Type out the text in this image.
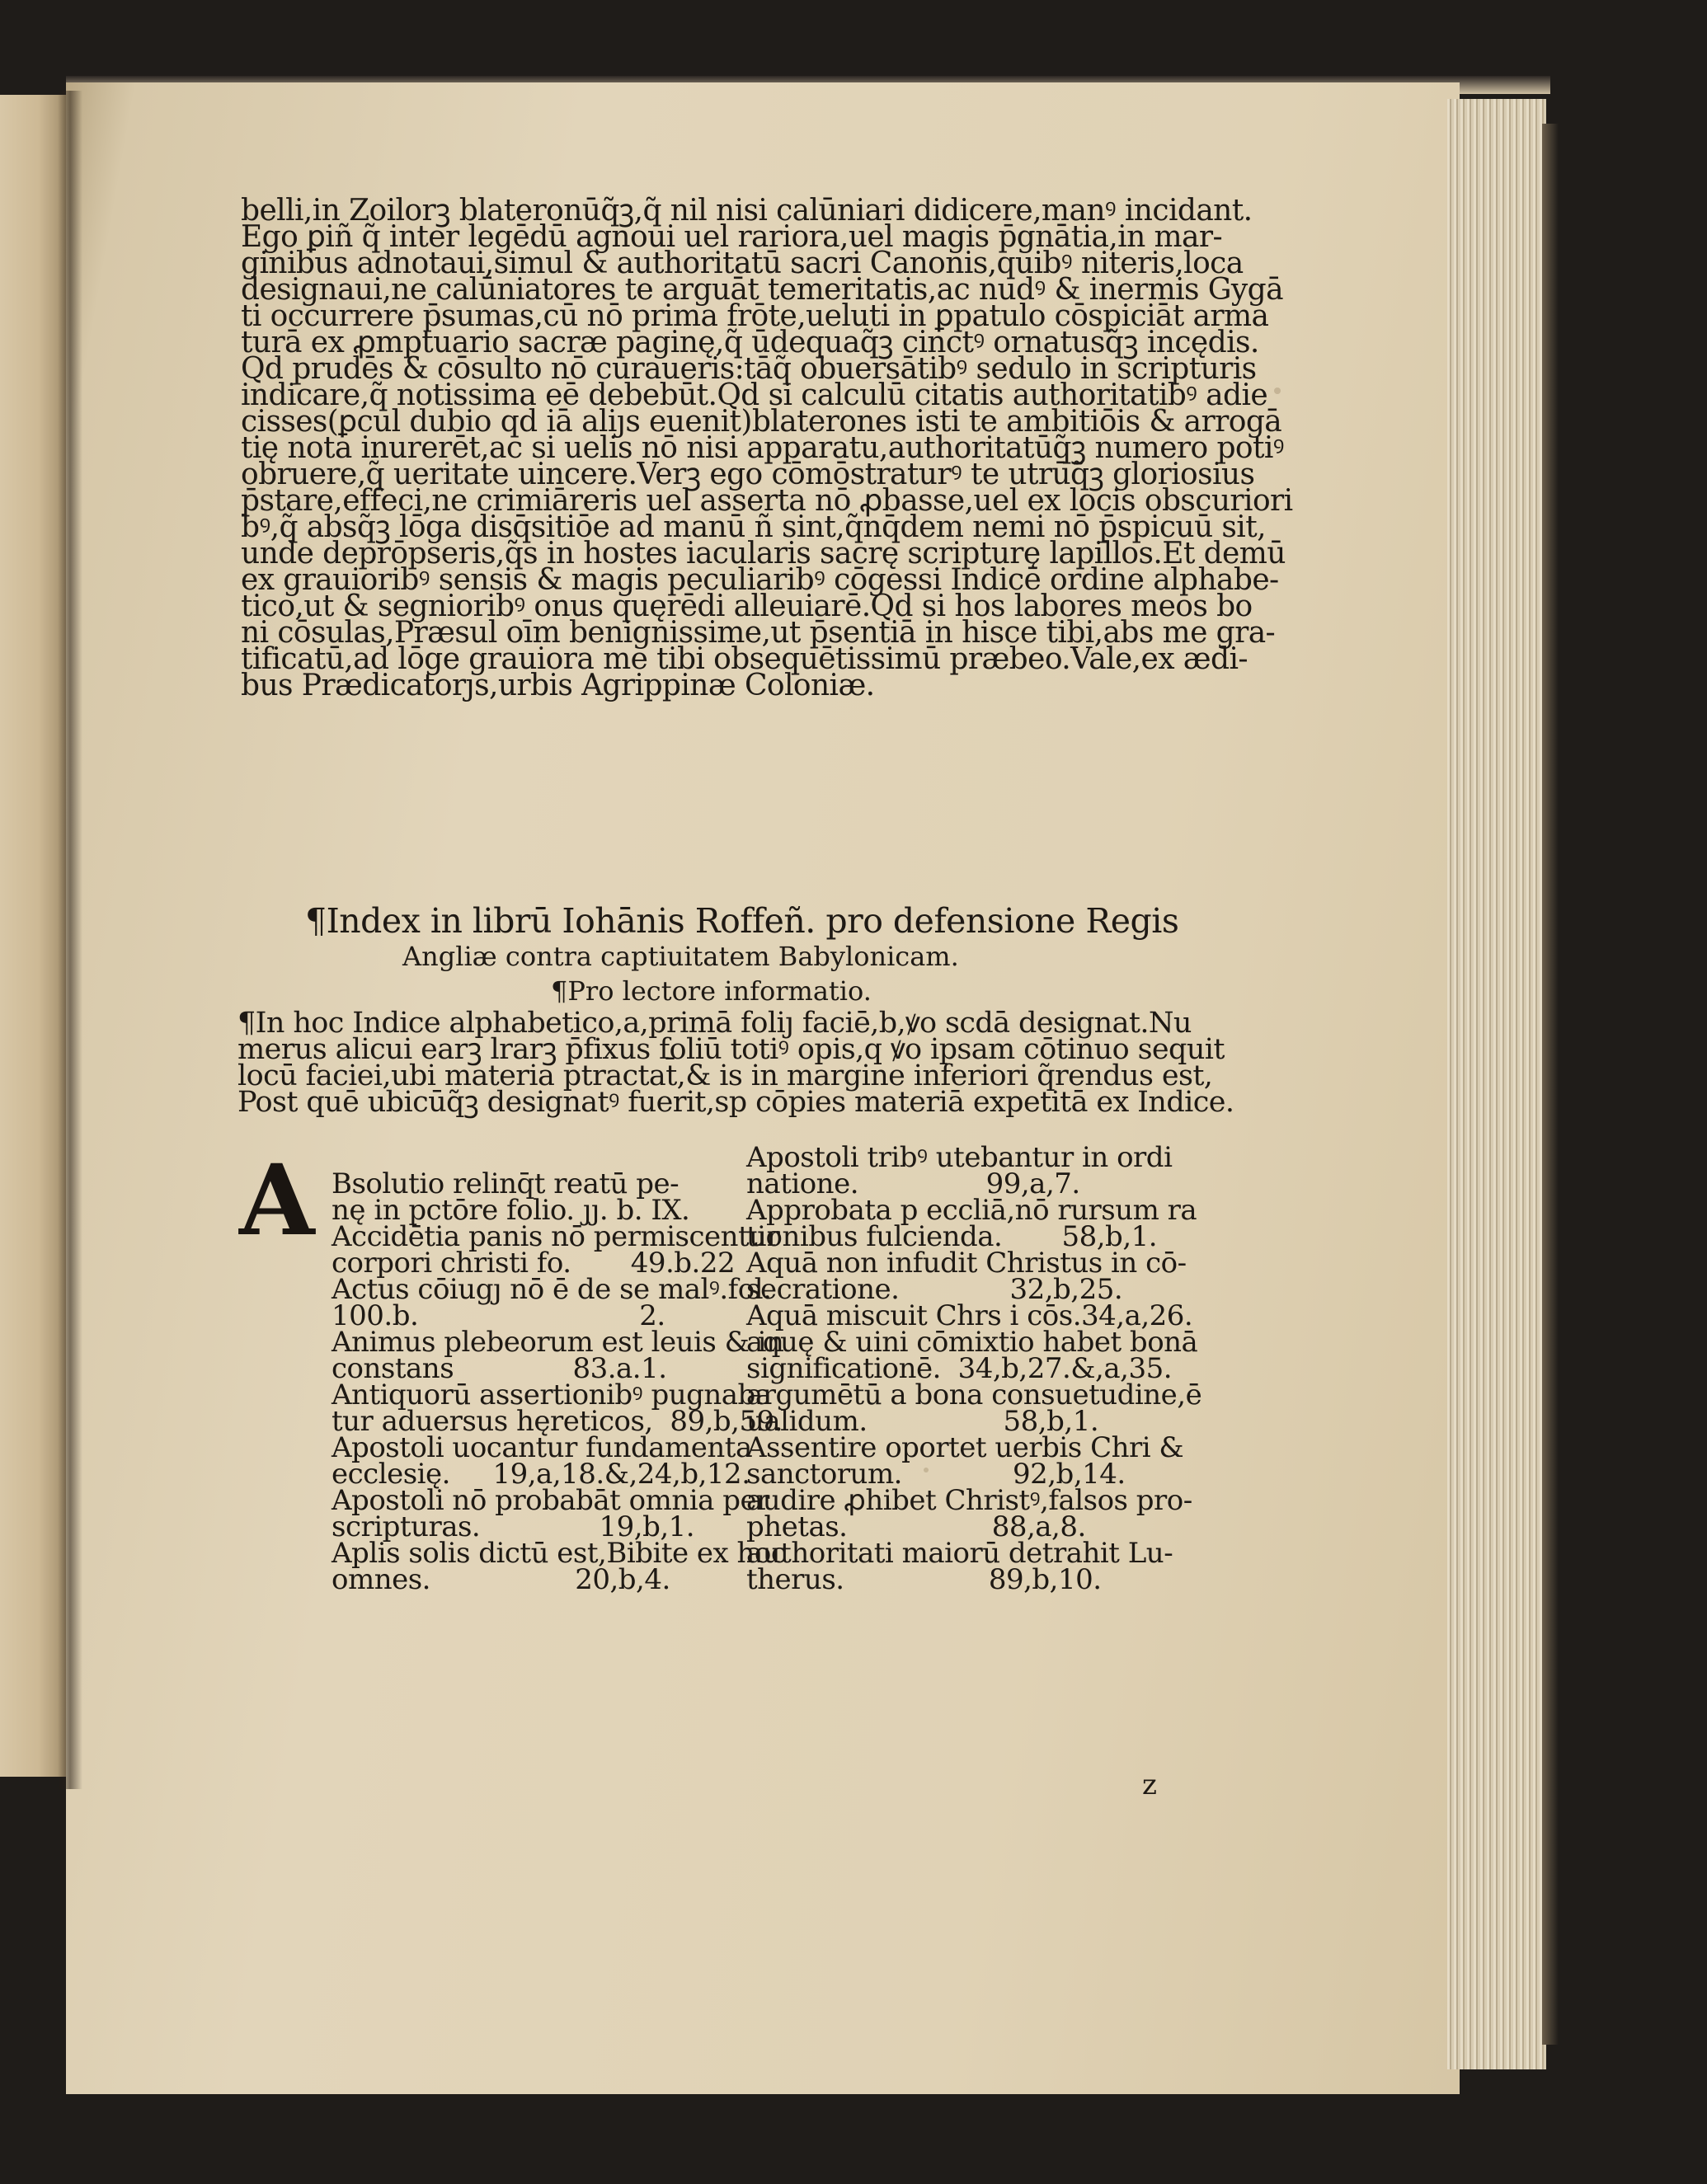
belli,in Zoilorꝫ blateronūq̃ꝫ,q̃ nil nisi calūniari didicere,manꝰ incidant.
Ego ꝑiñ q̃ inter legēdū agnoui uel rariora,uel magis p̄gnātia,in mar-
ginibus adnotaui,simul & authoritatū sacri Canonis,quibꝰ niteris,loca
designaui,ne calūniatores te arguāt temeritatis,ac nudꝰ & inermis Gygā
ti occurrere p̄sumas,cū nō prima frōte,ueluti in ꝑpatulo cōspiciāt arma
turā ex ꝓmptuario sacræ paginę,q̃ ūdequaq̃ꝫ cinctꝰ ornatusq̃ꝫ incędis.
Qd prudēs & cōsulto nō curaueris:tāq̃ obuersātibꝰ sedulo in scripturis
indicare,q̃ notissima eē debebūt.Qd si calculū citatis authoritatibꝰ adie
cisses(ꝑcul dubio qd iā aliȷs euenit)blaterones isti te ambitiōis & arrogā
tię nota inurerēt,ac si uelis nō nisi apparatu,authoritatūq̃ꝫ numero potiꝰ
obruere,q̃ ueritate uincere.Verꝫ ego cōmōstraturꝰ te utrūq̃ꝫ gloriosius
p̄stare,effeci,ne crimiāreris uel asserta nō ꝓbasse,uel ex locis obscuriori
bꝰ,q̃ absq̃ꝫ lōga disq̄sitiōe ad manū ñ sint,q̃nq̄dem nemi nō p̄spicuū sit,
unde deprōpseris,q̃s in hostes iacularis sacrę scripturę lapillos.Et demū
ex grauioribꝰ sensis & magis peculiaribꝰ cōgessi Indicē ordine alphabe-
tico,ut & segnioribꝰ onus quęrēdi alleuiarē.Qd si hos labores meos bo
ni cōsulas,Præsul oīm benignissime,ut p̄sentiā in hisce tibi,abs me gra-
tificatū,ad lōge grauiora me tibi obsequētissimū præbeo.Vale,ex ædi-
bus Prædicatorȷs,urbis Agrippinæ Coloniæ.
¶Index in librū Iohānis Roffeñ. pro defensione Regis
Angliæ contra captiuitatem Babylonicam.
¶Pro lectore informatio.
¶In hoc Indice alphabetico,a,primā foliȷ faciē,b,ꝟo scdā designat.Nu
merus alicui earꝫ lrarꝫ p̄fixus foliū totiꝰ opis,q ꝟo ipsam cōtinuo sequit
locū faciei,ubi materia ptractat̄,& is in margine inferiori q̃rendus est,
Post quē ubicūq̃ꝫ designatꝰ fuerit,sp cōpies materiā expetitā ex Indice.
A Bsolutio relinq̄t reatū pe-
nę in pctōre folio. ȷȷ. b. IX.
Accidētia panis nō permiscentur
corpori christi fo.       49.b.22
Actus cōiugȷ nō ē de se malꝰ.fol.
100.b.                          2.
Animus plebeorum est leuis & in
constans              83.a.1.
Antiquorū assertionibꝰ pugnaba
tur aduersus hęreticos,  89,b,59.
Apostoli uocantur fundamenta
ecclesię.     19,a,18.&,24,b,12.
Apostoli nō probabāt omnia per
scripturas.              19,b,1.
Aplis solis dictū est,Bibite ex hoc
omnes.                 20,b,4.
Apostoli tribꝰ utebantur in ordi
natione.               99,a,7.
Approbata p eccliā,nō rursum ra
tionibus fulcienda.       58,b,1.
Aquā non infudit Christus in cō-
secratione.             32,b,25.
Aquā miscuit Chrs i cōs.34,a,26.
aquę & uini cōmixtio habet bonā
significationē.  34,b,27.&,a,35.
argumētū a bona consuetudine,ē
ualidum.                58,b,1.
Assentire oportet uerbis Chri &
sanctorum.             92,b,14.
audire ꝓhibet Christꝰ,falsos pro-
phetas.                 88,a,8.
authoritati maiorū detrahit Lu-
therus.                 89,b,10.
z
